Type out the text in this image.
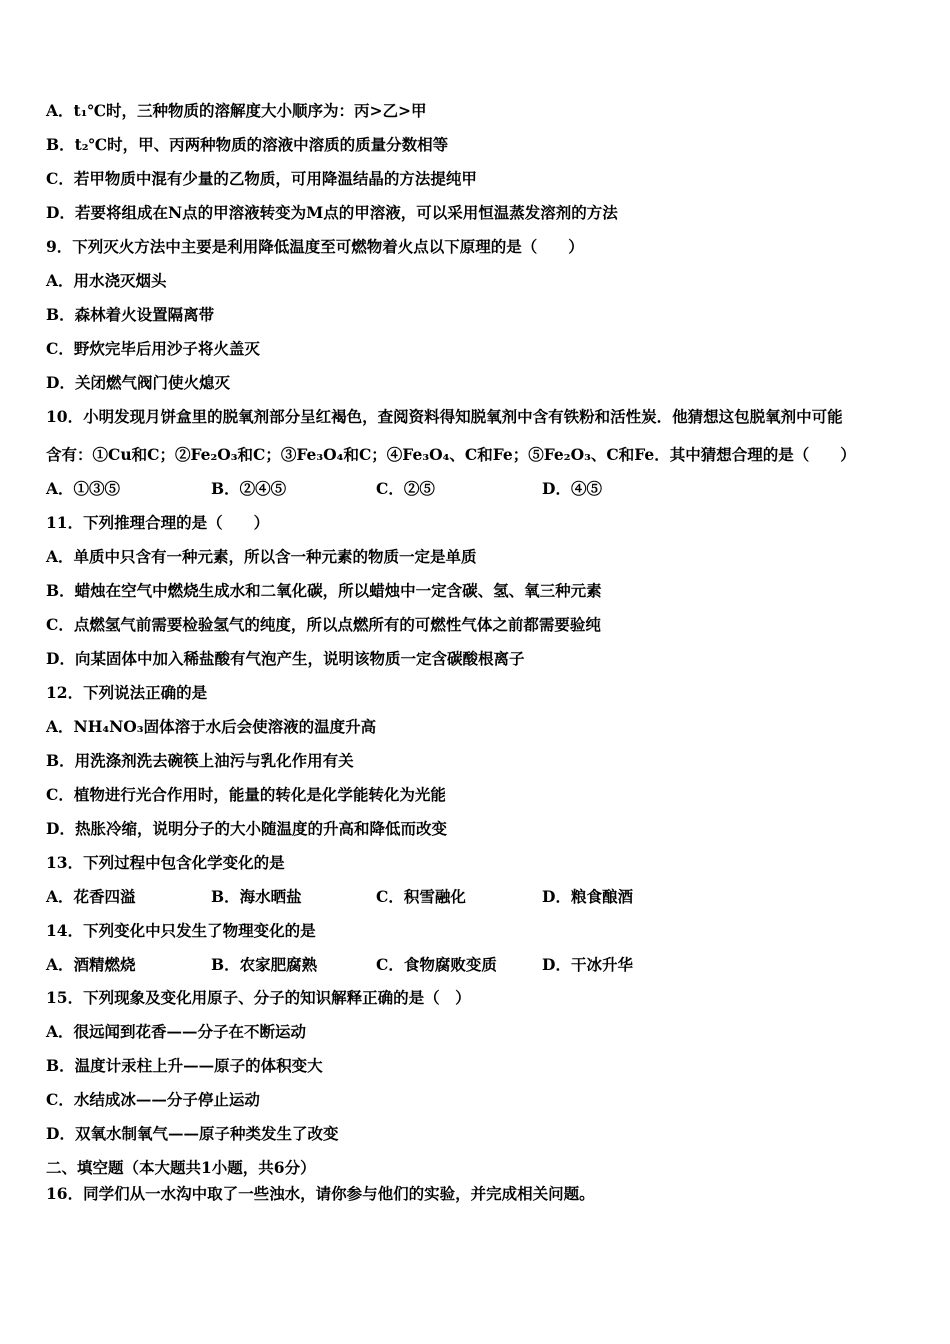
A．t₁℃时，三种物质的溶解度大小顺序为：丙>乙>甲
B．t₂℃时，甲、丙两种物质的溶液中溶质的质量分数相等
C．若甲物质中混有少量的乙物质，可用降温结晶的方法提纯甲
D．若要将组成在N点的甲溶液转变为M点的甲溶液，可以采用恒温蒸发溶剂的方法
9．下列灭火方法中主要是利用降低温度至可燃物着火点以下原理的是（　　）
A．用水浇灭烟头
B．森林着火设置隔离带
C．野炊完毕后用沙子将火盖灭
D．关闭燃气阀门使火熄灭
10．小明发现月饼盒里的脱氧剂部分呈红褐色，查阅资料得知脱氧剂中含有铁粉和活性炭．他猜想这包脱氧剂中可能
含有：①Cu和C；②Fe₂O₃和C；③Fe₃O₄和C；④Fe₃O₄、C和Fe；⑤Fe₂O₃、C和Fe．其中猜想合理的是（　　）
A．①③⑤	B．②④⑤	C．②⑤	D．④⑤
11．下列推理合理的是（　　）
A．单质中只含有一种元素，所以含一种元素的物质一定是单质
B．蜡烛在空气中燃烧生成水和二氧化碳，所以蜡烛中一定含碳、氢、氧三种元素
C．点燃氢气前需要检验氢气的纯度，所以点燃所有的可燃性气体之前都需要验纯
D．向某固体中加入稀盐酸有气泡产生，说明该物质一定含碳酸根离子
12．下列说法正确的是
A．NH₄NO₃固体溶于水后会使溶液的温度升高
B．用洗涤剂洗去碗筷上油污与乳化作用有关
C．植物进行光合作用时，能量的转化是化学能转化为光能
D．热胀冷缩，说明分子的大小随温度的升高和降低而改变
13．下列过程中包含化学变化的是
A．花香四溢	B．海水晒盐	C．积雪融化	D．粮食酿酒
14．下列变化中只发生了物理变化的是
A．酒精燃烧	B．农家肥腐熟	C．食物腐败变质	D．干冰升华
15．下列现象及变化用原子、分子的知识解释正确的是（　）
A．很远闻到花香——分子在不断运动
B．温度计汞柱上升——原子的体积变大
C．水结成冰——分子停止运动
D．双氧水制氧气——原子种类发生了改变
二、填空题（本大题共1小题，共6分）
16．同学们从一水沟中取了一些浊水，请你参与他们的实验，并完成相关问题。
